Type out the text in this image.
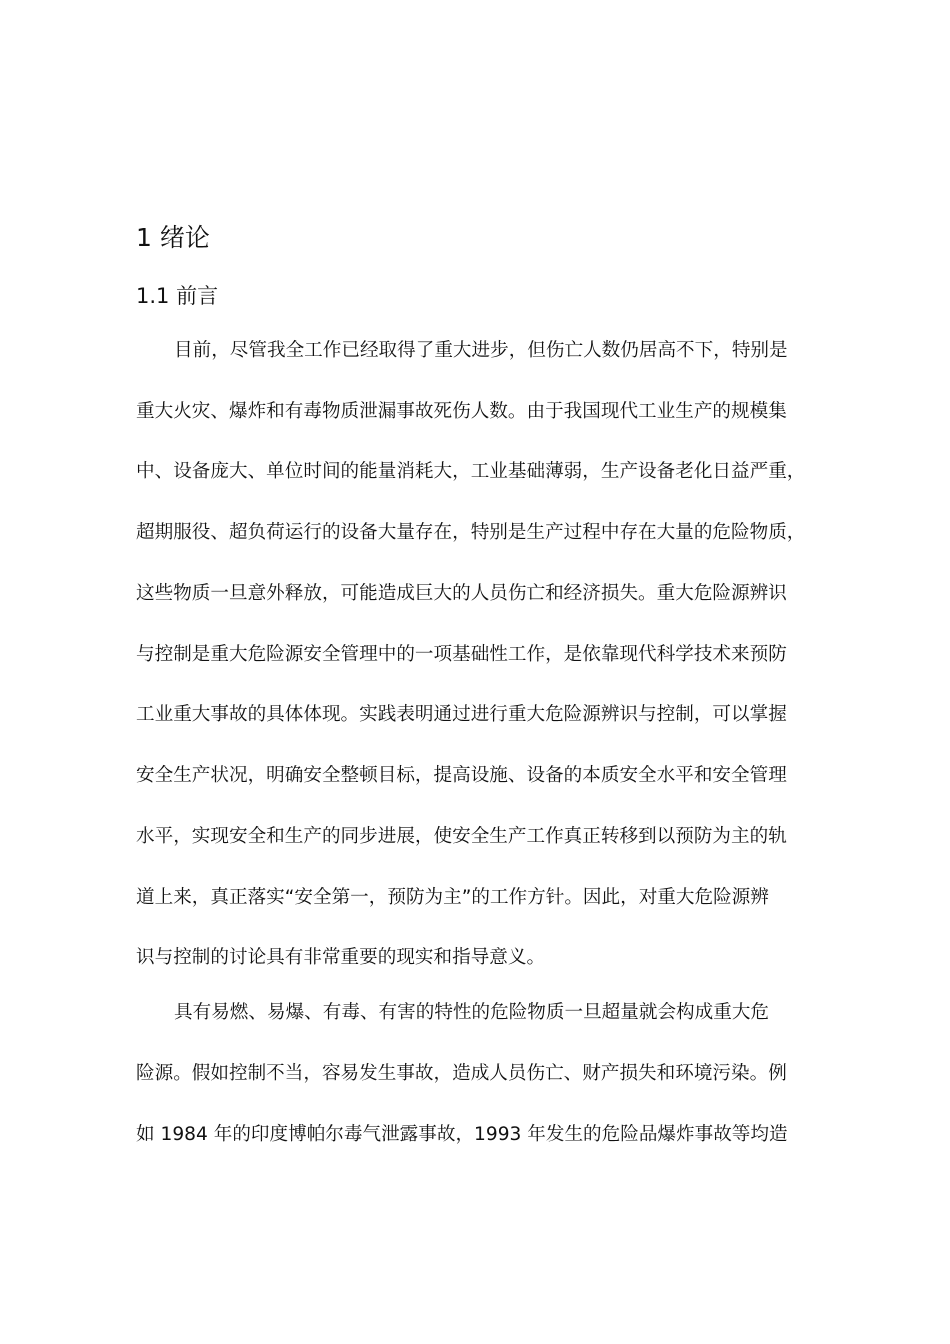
1 绪论
1.1 前言
目前，尽管我全工作已经取得了重大进步，但伤亡人数仍居高不下，特别是
重大火灾、爆炸和有毒物质泄漏事故死伤人数。由于我国现代工业生产的规模集
中、设备庞大、单位时间的能量消耗大，工业基础薄弱，生产设备老化日益严重，
超期服役、超负荷运行的设备大量存在，特别是生产过程中存在大量的危险物质，
这些物质一旦意外释放，可能造成巨大的人员伤亡和经济损失。重大危险源辨识
与控制是重大危险源安全管理中的一项基础性工作，是依靠现代科学技术来预防
工业重大事故的具体体现。实践表明通过进行重大危险源辨识与控制，可以掌握
安全生产状况，明确安全整顿目标，提高设施、设备的本质安全水平和安全管理
水平，实现安全和生产的同步进展，使安全生产工作真正转移到以预防为主的轨
道上来，真正落实“安全第一，预防为主”的工作方针。因此，对重大危险源辨
识与控制的讨论具有非常重要的现实和指导意义。
具有易燃、易爆、有毒、有害的特性的危险物质一旦超量就会构成重大危
险源。假如控制不当，容易发生事故，造成人员伤亡、财产损失和环境污染。例
如 1984 年的印度博帕尔毒气泄露事故，1993 年发生的危险品爆炸事故等均造
